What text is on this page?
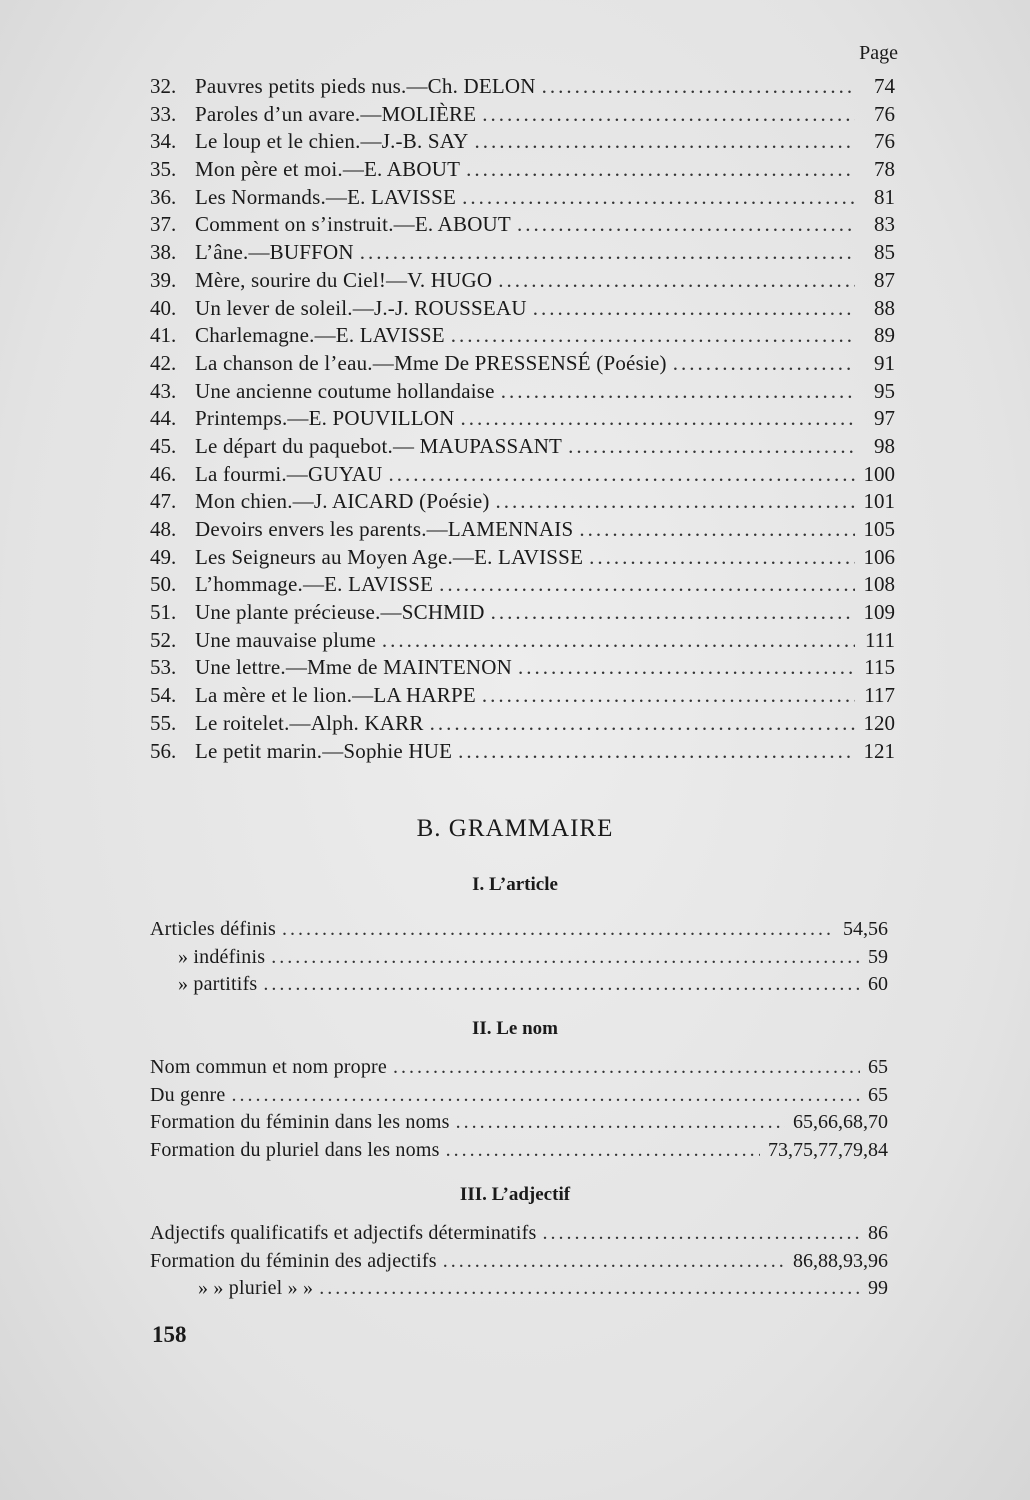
Page
32. Pauvres petits pieds nus.—Ch. DELON .....	74
33. Paroles d’un avare.—MOLIÈRE .....	76
34. Le loup et le chien.—J.-B. SAY .....	76
35. Mon père et moi.—E. ABOUT .....	78
36. Les Normands.—E. LAVISSE .....	81
37. Comment on s’instruit.—E. ABOUT .....	83
38. L’âne.—BUFFON .....	85
39. Mère, sourire du Ciel!—V. HUGO .....	87
40. Un lever de soleil.—J.-J. ROUSSEAU .....	88
41. Charlemagne.—E. LAVISSE .....	89
42. La chanson de l’eau.—Mme De PRESSENSÉ (Poésie) .....	91
43. Une ancienne coutume hollandaise .....	95
44. Printemps.—E. POUVILLON .....	97
45. Le départ du paquebot.— MAUPASSANT .....	98
46. La fourmi.—GUYAU .....	100
47. Mon chien.—J. AICARD (Poésie) .....	101
48. Devoirs envers les parents.—LAMENNAIS .....	105
49. Les Seigneurs au Moyen Age.—E. LAVISSE .....	106
50. L’hommage.—E. LAVISSE .....	108
51. Une plante précieuse.—SCHMID .....	109
52. Une mauvaise plume .....	111
53. Une lettre.—Mme de MAINTENON .....	115
54. La mère et le lion.—LA HARPE .....	117
55. Le roitelet.—Alph. KARR .....	120
56. Le petit marin.—Sophie HUE .....	121
B. GRAMMAIRE
I. L’article
Articles définis .....	54,56
» indéfinis .....	59
» partitifs .....	60
II. Le nom
Nom commun et nom propre .....	65
Du genre .....	65
Formation du féminin dans les noms .....	65,66,68,70
Formation du pluriel dans les noms .....	73,75,77,79,84
III. L’adjectif
Adjectifs qualificatifs et adjectifs déterminatifs .....	86
Formation du féminin des adjectifs .....	86,88,93,96
» » pluriel » » .....	99
158
